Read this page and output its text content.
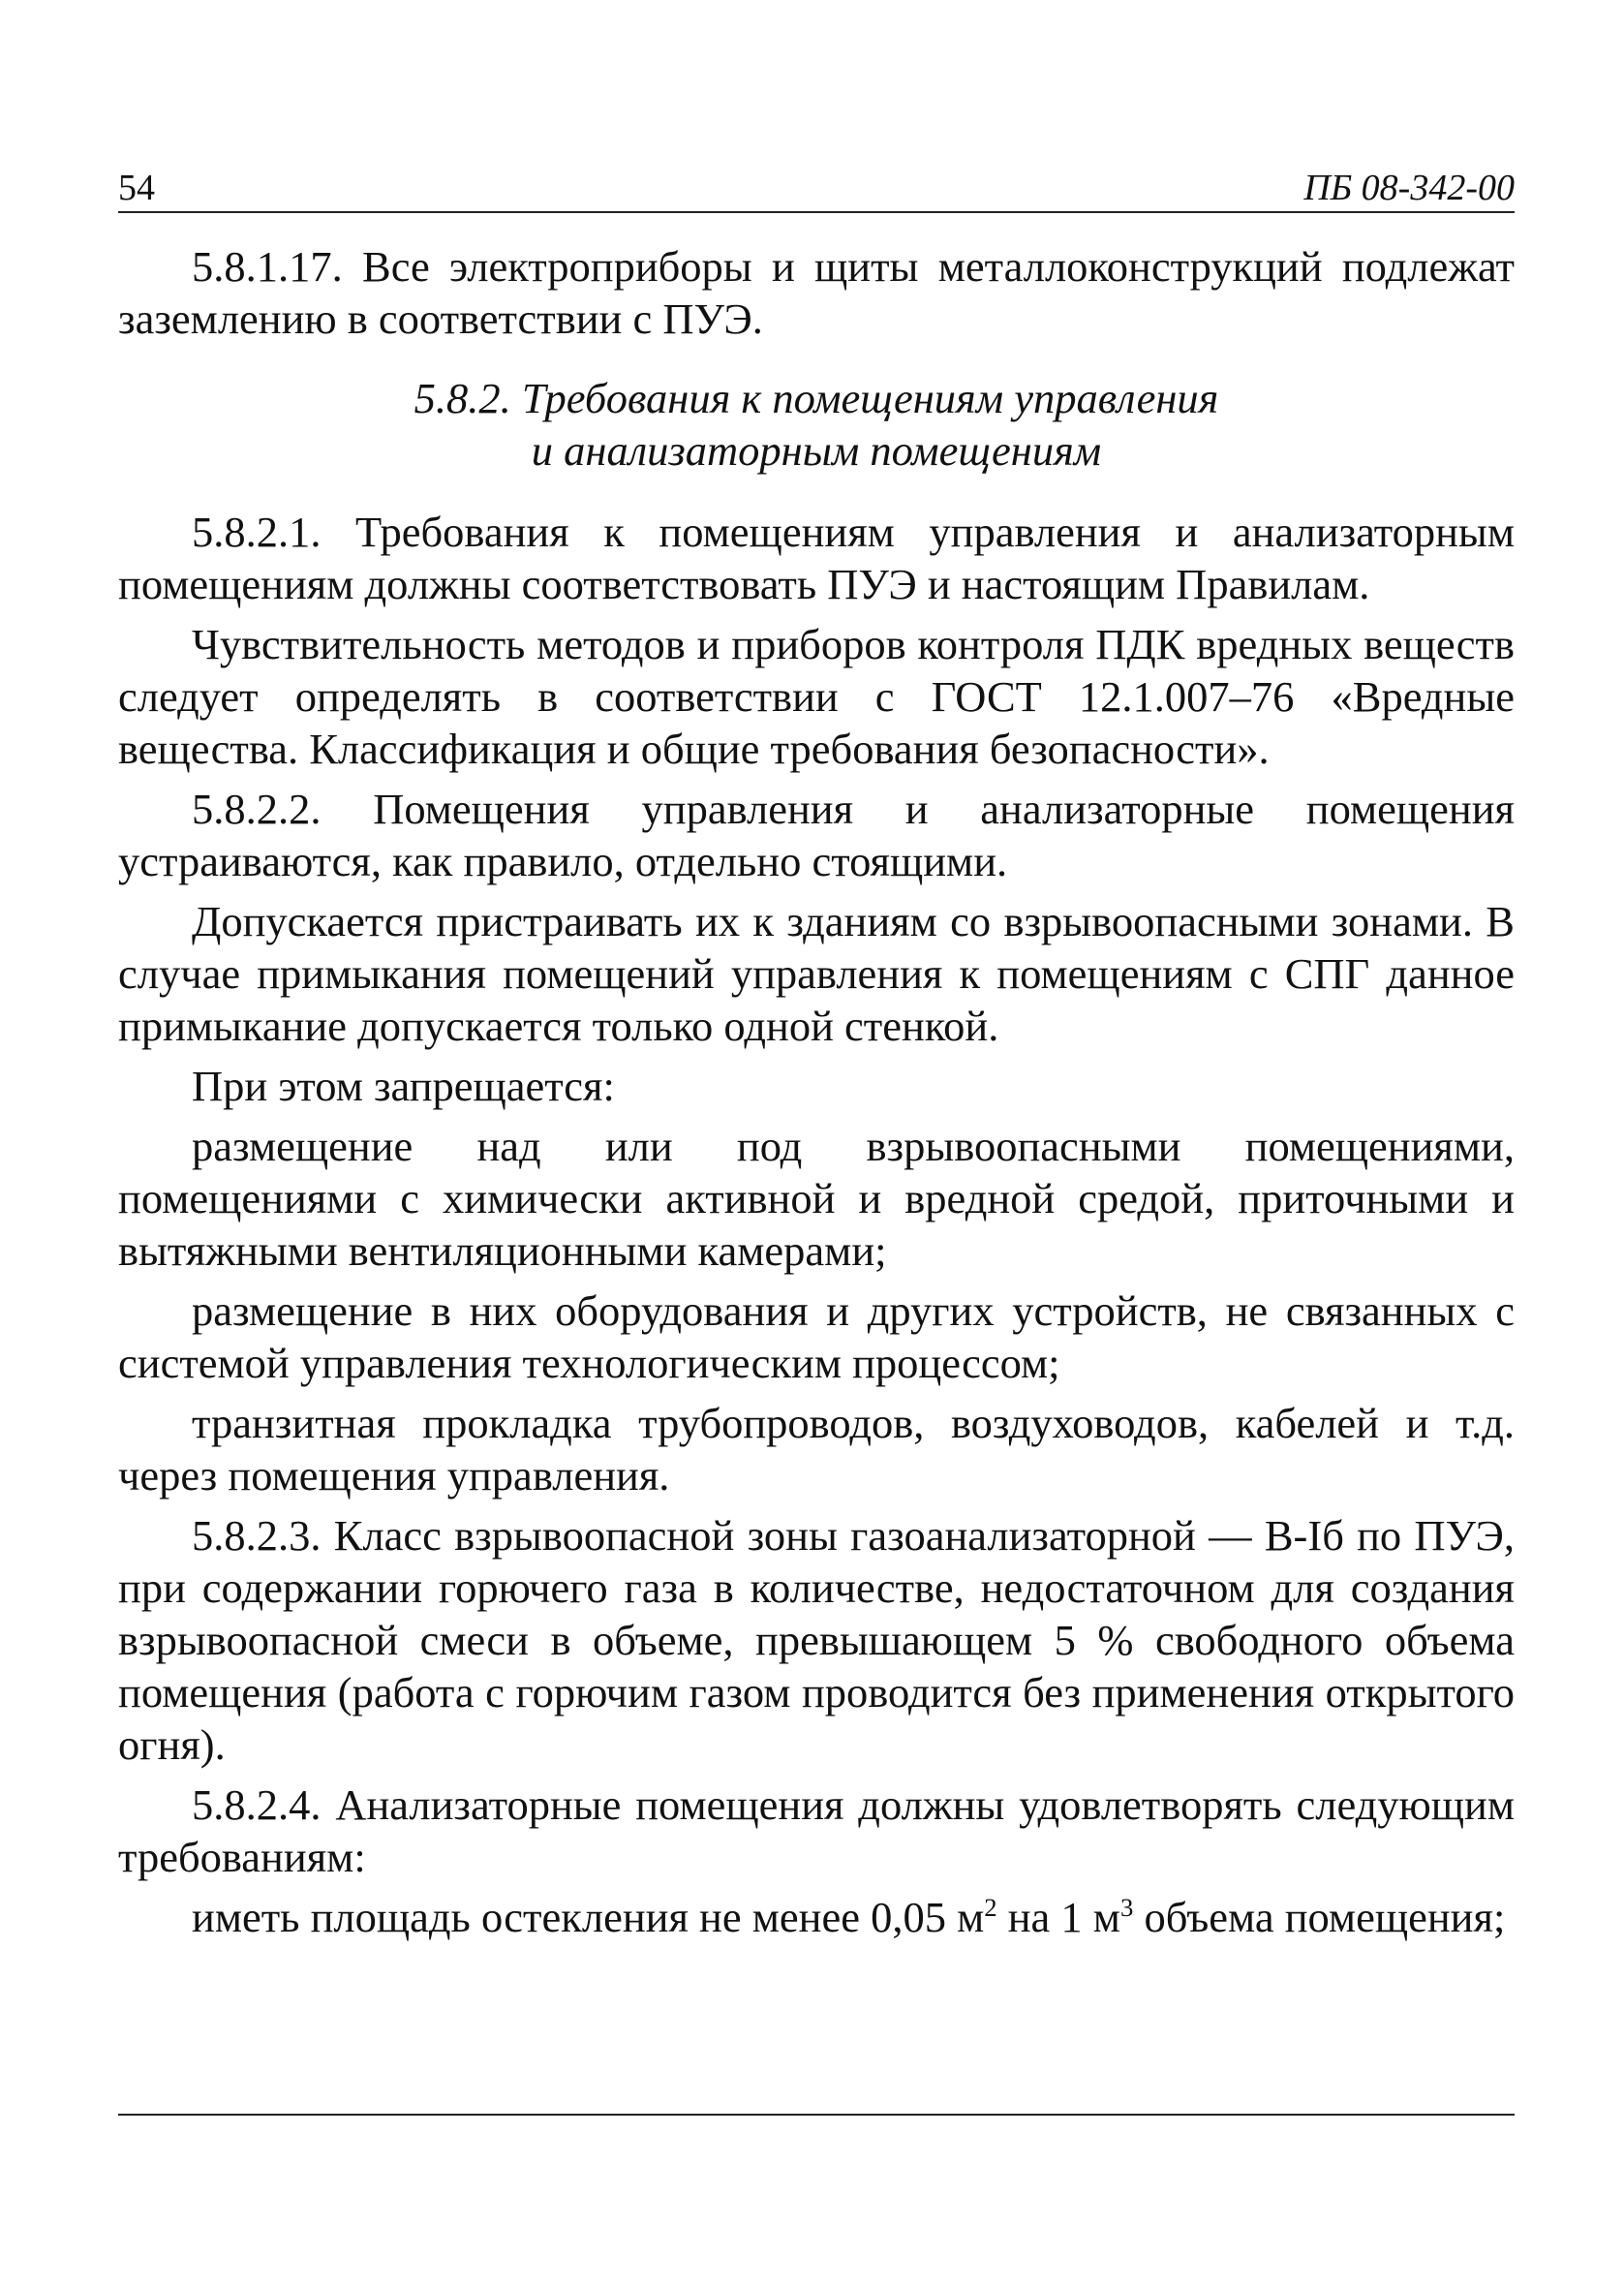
54	ПБ 08-342-00

5.8.1.17. Все электроприборы и щиты металлоконструкций подлежат заземлению в соответствии с ПУЭ.

5.8.2. Требования к помещениям управления
и анализаторным помещениям

5.8.2.1. Требования к помещениям управления и анализаторным помещениям должны соответствовать ПУЭ и настоящим Правилам.

Чувствительность методов и приборов контроля ПДК вредных веществ следует определять в соответствии с ГОСТ 12.1.007–76 «Вредные вещества. Классификация и общие требования безопасности».

5.8.2.2. Помещения управления и анализаторные помещения устраиваются, как правило, отдельно стоящими.

Допускается пристраивать их к зданиям со взрывоопасными зонами. В случае примыкания помещений управления к помещениям с СПГ данное примыкание допускается только одной стенкой.

При этом запрещается:

размещение над или под взрывоопасными помещениями, помещениями с химически активной и вредной средой, приточными и вытяжными вентиляционными камерами;

размещение в них оборудования и других устройств, не связанных с системой управления технологическим процессом;

транзитная прокладка трубопроводов, воздуховодов, кабелей и т.д. через помещения управления.

5.8.2.3. Класс взрывоопасной зоны газоанализаторной — В-Iб по ПУЭ, при содержании горючего газа в количестве, недостаточном для создания взрывоопасной смеси в объеме, превышающем 5 % свободного объема помещения (работа с горючим газом проводится без применения открытого огня).

5.8.2.4. Анализаторные помещения должны удовлетворять следующим требованиям:

иметь площадь остекления не менее 0,05 $м^2$ на 1 $м^3$ объема помещения;
